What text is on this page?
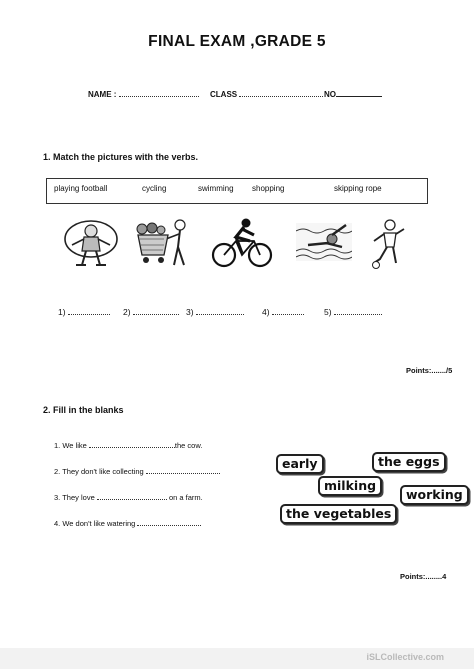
FINAL EXAM ,GRADE 5
NAME :	CLASS	NO
1. Match the pictures with the verbs.
playing football	cycling	swimming shopping	skipping rope
1)	2)	3)	4)	5)
Points:......./5
2. Fill in the blanks
1. We like	the cow.
2. They don't like collecting
3. They love	on a farm.
4. We don't like watering
early	the eggs
milking
working
the vegetables
Points:........4
iSLCollective.com
